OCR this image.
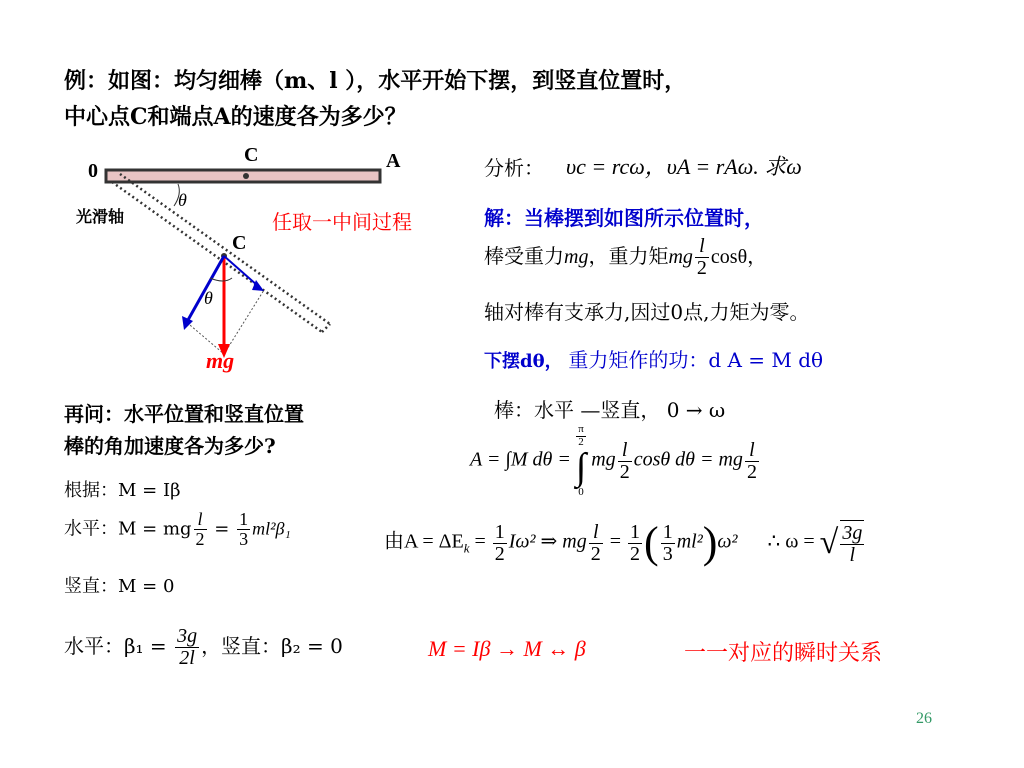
例：如图：均匀细棒（m、l ），水平开始下摆，到竖直位置时，
中心点C和端点A的速度各为多少？
0
C	A
光滑轴
θ
C
θ
mg
任取一中间过程
分析： υc = rcω，υA = rAω. 求ω
解：当棒摆到如图所示位置时，
棒受重力mg，重力矩mg $\frac{l}{2}$ cosθ，
轴对棒有支承力,因过0点,力矩为零。
下摆dθ， 重力矩作的功：d A = M dθ
棒：水平 —竖直， 0 → ω
A = ∫M dθ =
π
2
∫
0
mg $\frac{l}{2}$ cosθ dθ = mg $\frac{l}{2}$
由$A = \Delta E_k = \frac{1}{2} I\omega^2$ ⇒ mg $\frac{l}{2} = \frac{1}{2}$ ( $\frac{1}{3} ml^2)\omega^2$ ∴ ω = √ $\frac{3g}{l}$
再问：水平位置和竖直位置
棒的角加速度各为多少?
根据：M = Iβ
水平：M = mg $\frac{l}{2} = \frac{1}{3} ml^2\beta_1$
竖直：M = 0
水平：$\beta_1 = \frac{3g}{2l}$ ，竖直：β₂ = 0	M = Iβ → M ↔ β	一一对应的瞬时关系
26
